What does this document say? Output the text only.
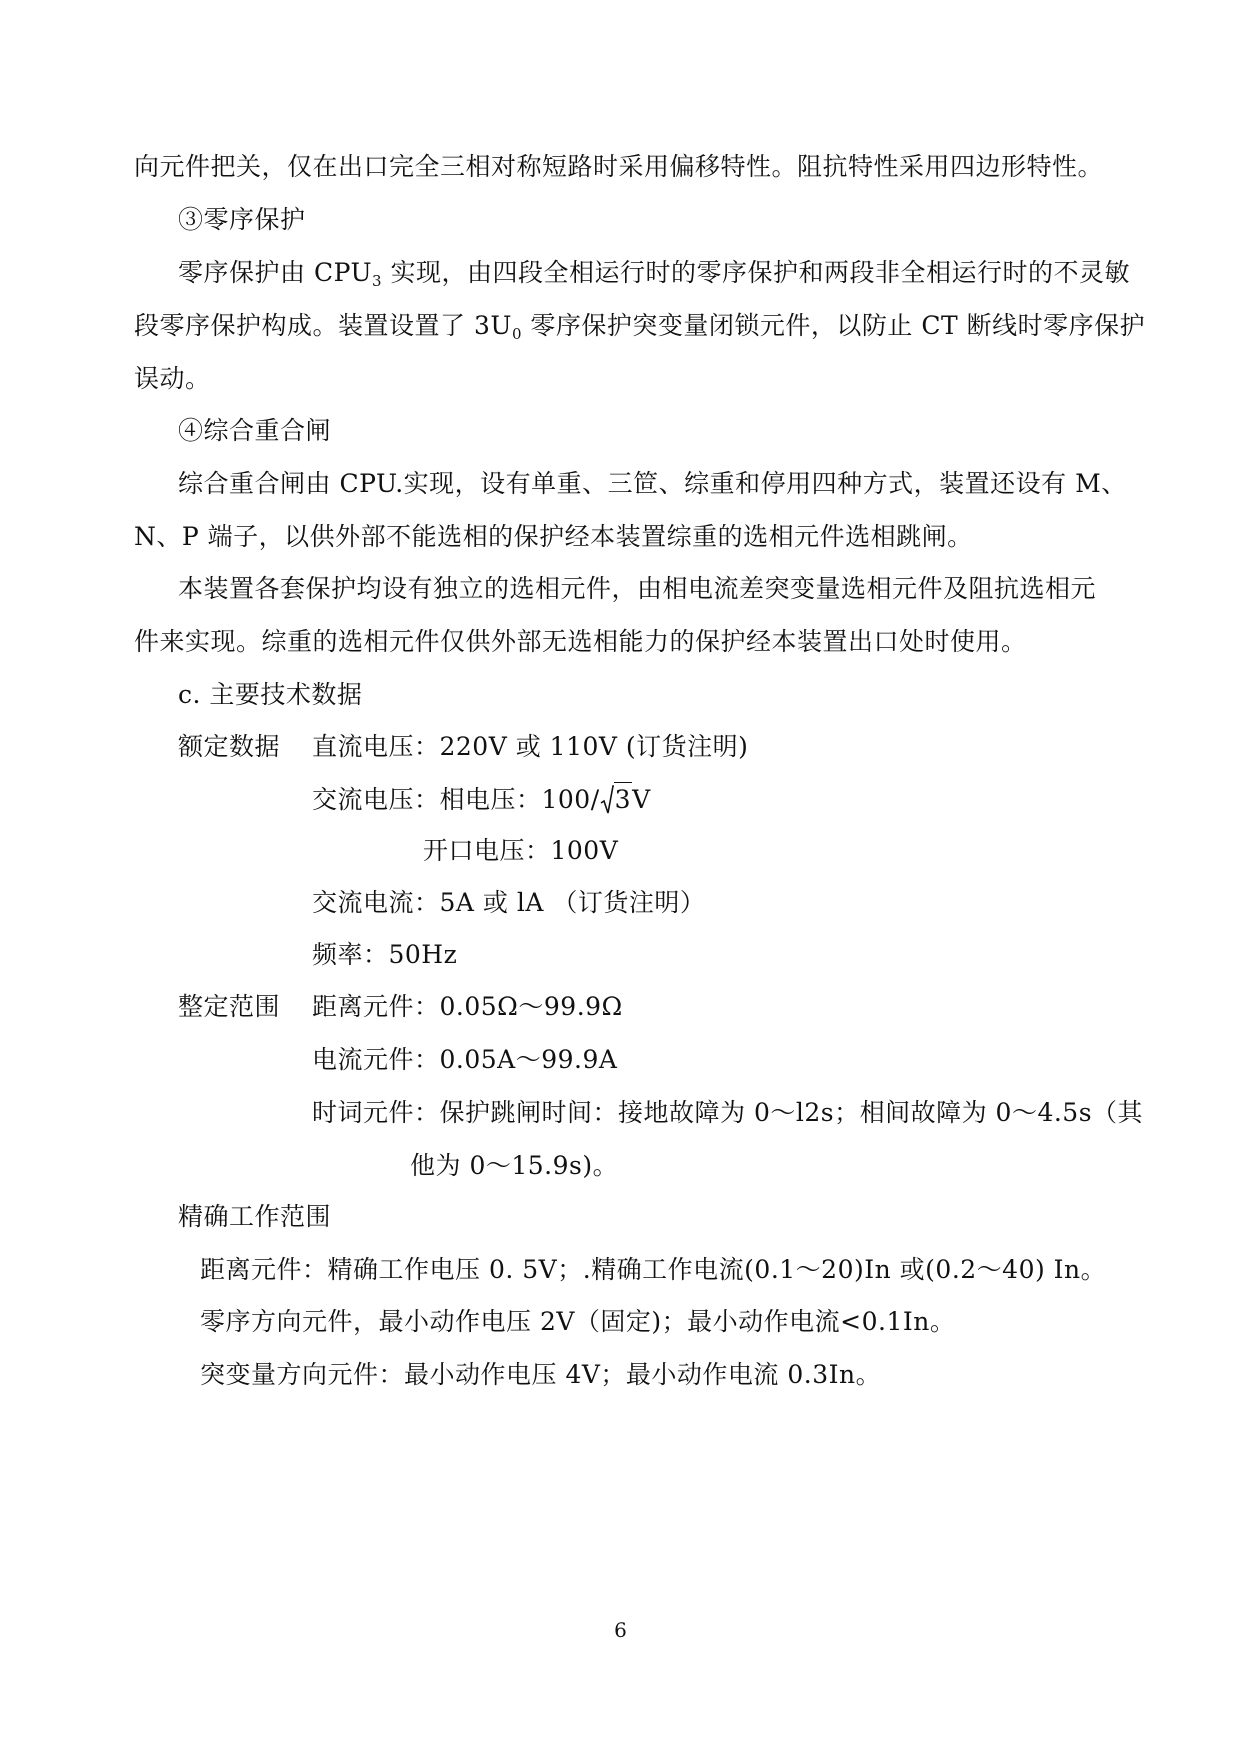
向元件把关，仅在出口完全三相对称短路时采用偏移特性。阻抗特性采用四边形特性。
③零序保护
零序保护由 $CPU_3$ 实现，由四段全相运行时的零序保护和两段非全相运行时的不灵敏
段零序保护构成。装置设置了 $3U_0$ 零序保护突变量闭锁元件，以防止 CT 断线时零序保护
误动。
④综合重合闸
综合重合闸由 CPU.实现，设有单重、三笸、综重和停用四种方式，装置还设有 M、
N、P 端子，以供外部不能选相的保护经本装置综重的选相元件选相跳闸。
本装置各套保护均设有独立的选相元件，由相电流差突变量选相元件及阻抗选相元
件来实现。综重的选相元件仅供外部无选相能力的保护经本装置出口处时使用。
c. 主要技术数据
额定数据 直流电压：220V 或 110V (订货注明)
交流电压：相电压：100/ 3V
开口电压：100V
交流电流：5A 或 lA （订货注明）
频率：50Hz
整定范围 距离元件：0.05Ω～99.9Ω
电流元件：0.05A～99.9A
时词元件：保护跳闸时间：接地故障为 0～l2s；相间故障为 0～4.5s（其
他为 0～15.9s)。
精确工作范围
距离元件：精确工作电压 0. 5V；.精确工作电流(0.1～20)In 或(0.2～40) In。
零序方向元件，最小动作电压 2V（固定)；最小动作电流<0.1In。
突变量方向元件：最小动作电压 4V；最小动作电流 0.3In。
6
